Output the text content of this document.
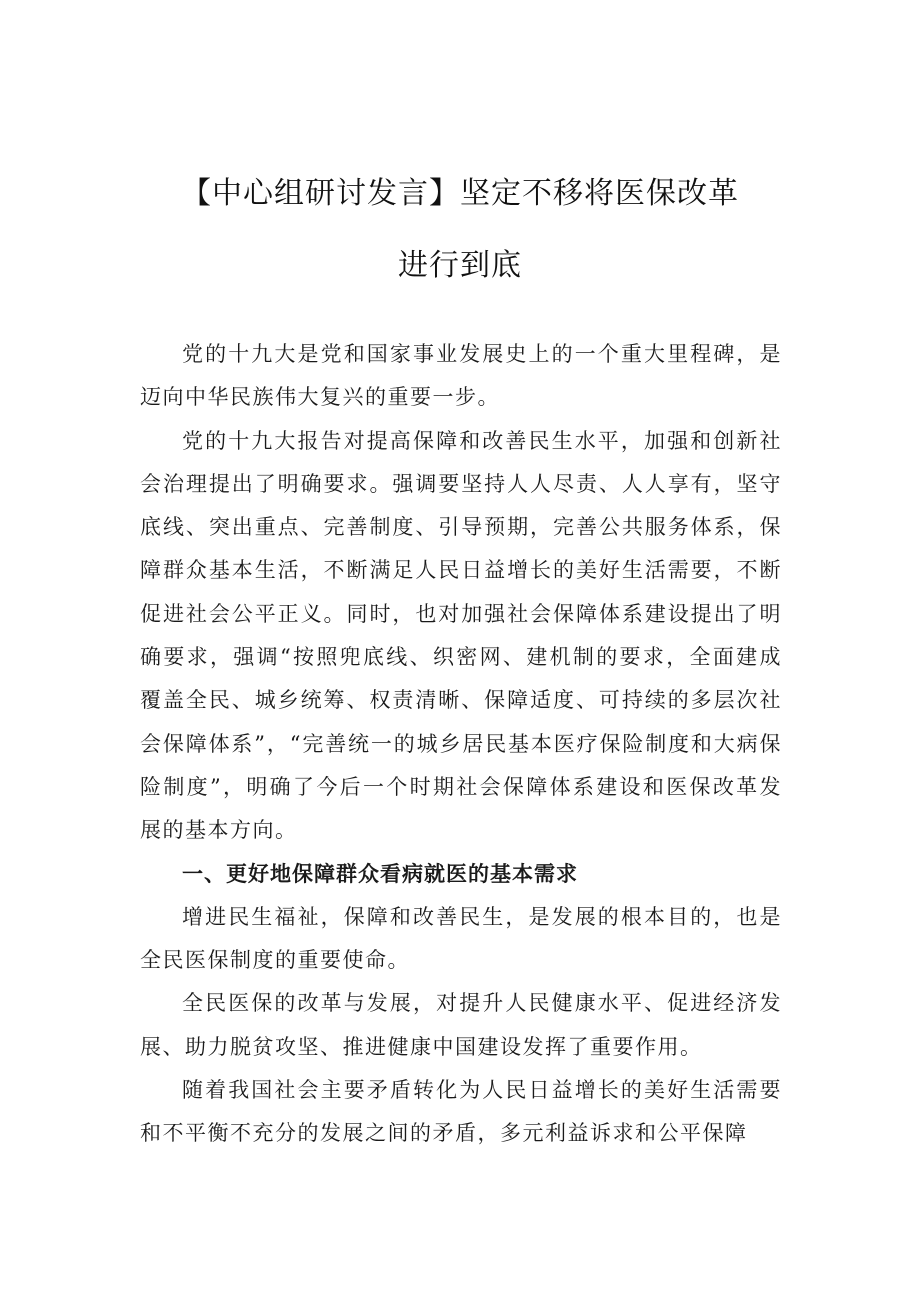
【中心组研讨发言】坚定不移将医保改革
进行到底

党的十九大是党和国家事业发展史上的一个重大里程碑，是迈向中华民族伟大复兴的重要一步。

党的十九大报告对提高保障和改善民生水平，加强和创新社会治理提出了明确要求。强调要坚持人人尽责、人人享有，坚守底线、突出重点、完善制度、引导预期，完善公共服务体系，保障群众基本生活，不断满足人民日益增长的美好生活需要，不断促进社会公平正义。同时，也对加强社会保障体系建设提出了明确要求，强调“按照兜底线、织密网、建机制的要求，全面建成覆盖全民、城乡统筹、权责清晰、保障适度、可持续的多层次社会保障体系”，“完善统一的城乡居民基本医疗保险制度和大病保险制度”，明确了今后一个时期社会保障体系建设和医保改革发展的基本方向。

一、更好地保障群众看病就医的基本需求

增进民生福祉，保障和改善民生，是发展的根本目的，也是全民医保制度的重要使命。

全民医保的改革与发展，对提升人民健康水平、促进经济发展、助力脱贫攻坚、推进健康中国建设发挥了重要作用。

随着我国社会主要矛盾转化为人民日益增长的美好生活需要和不平衡不充分的发展之间的矛盾，多元利益诉求和公平保障
